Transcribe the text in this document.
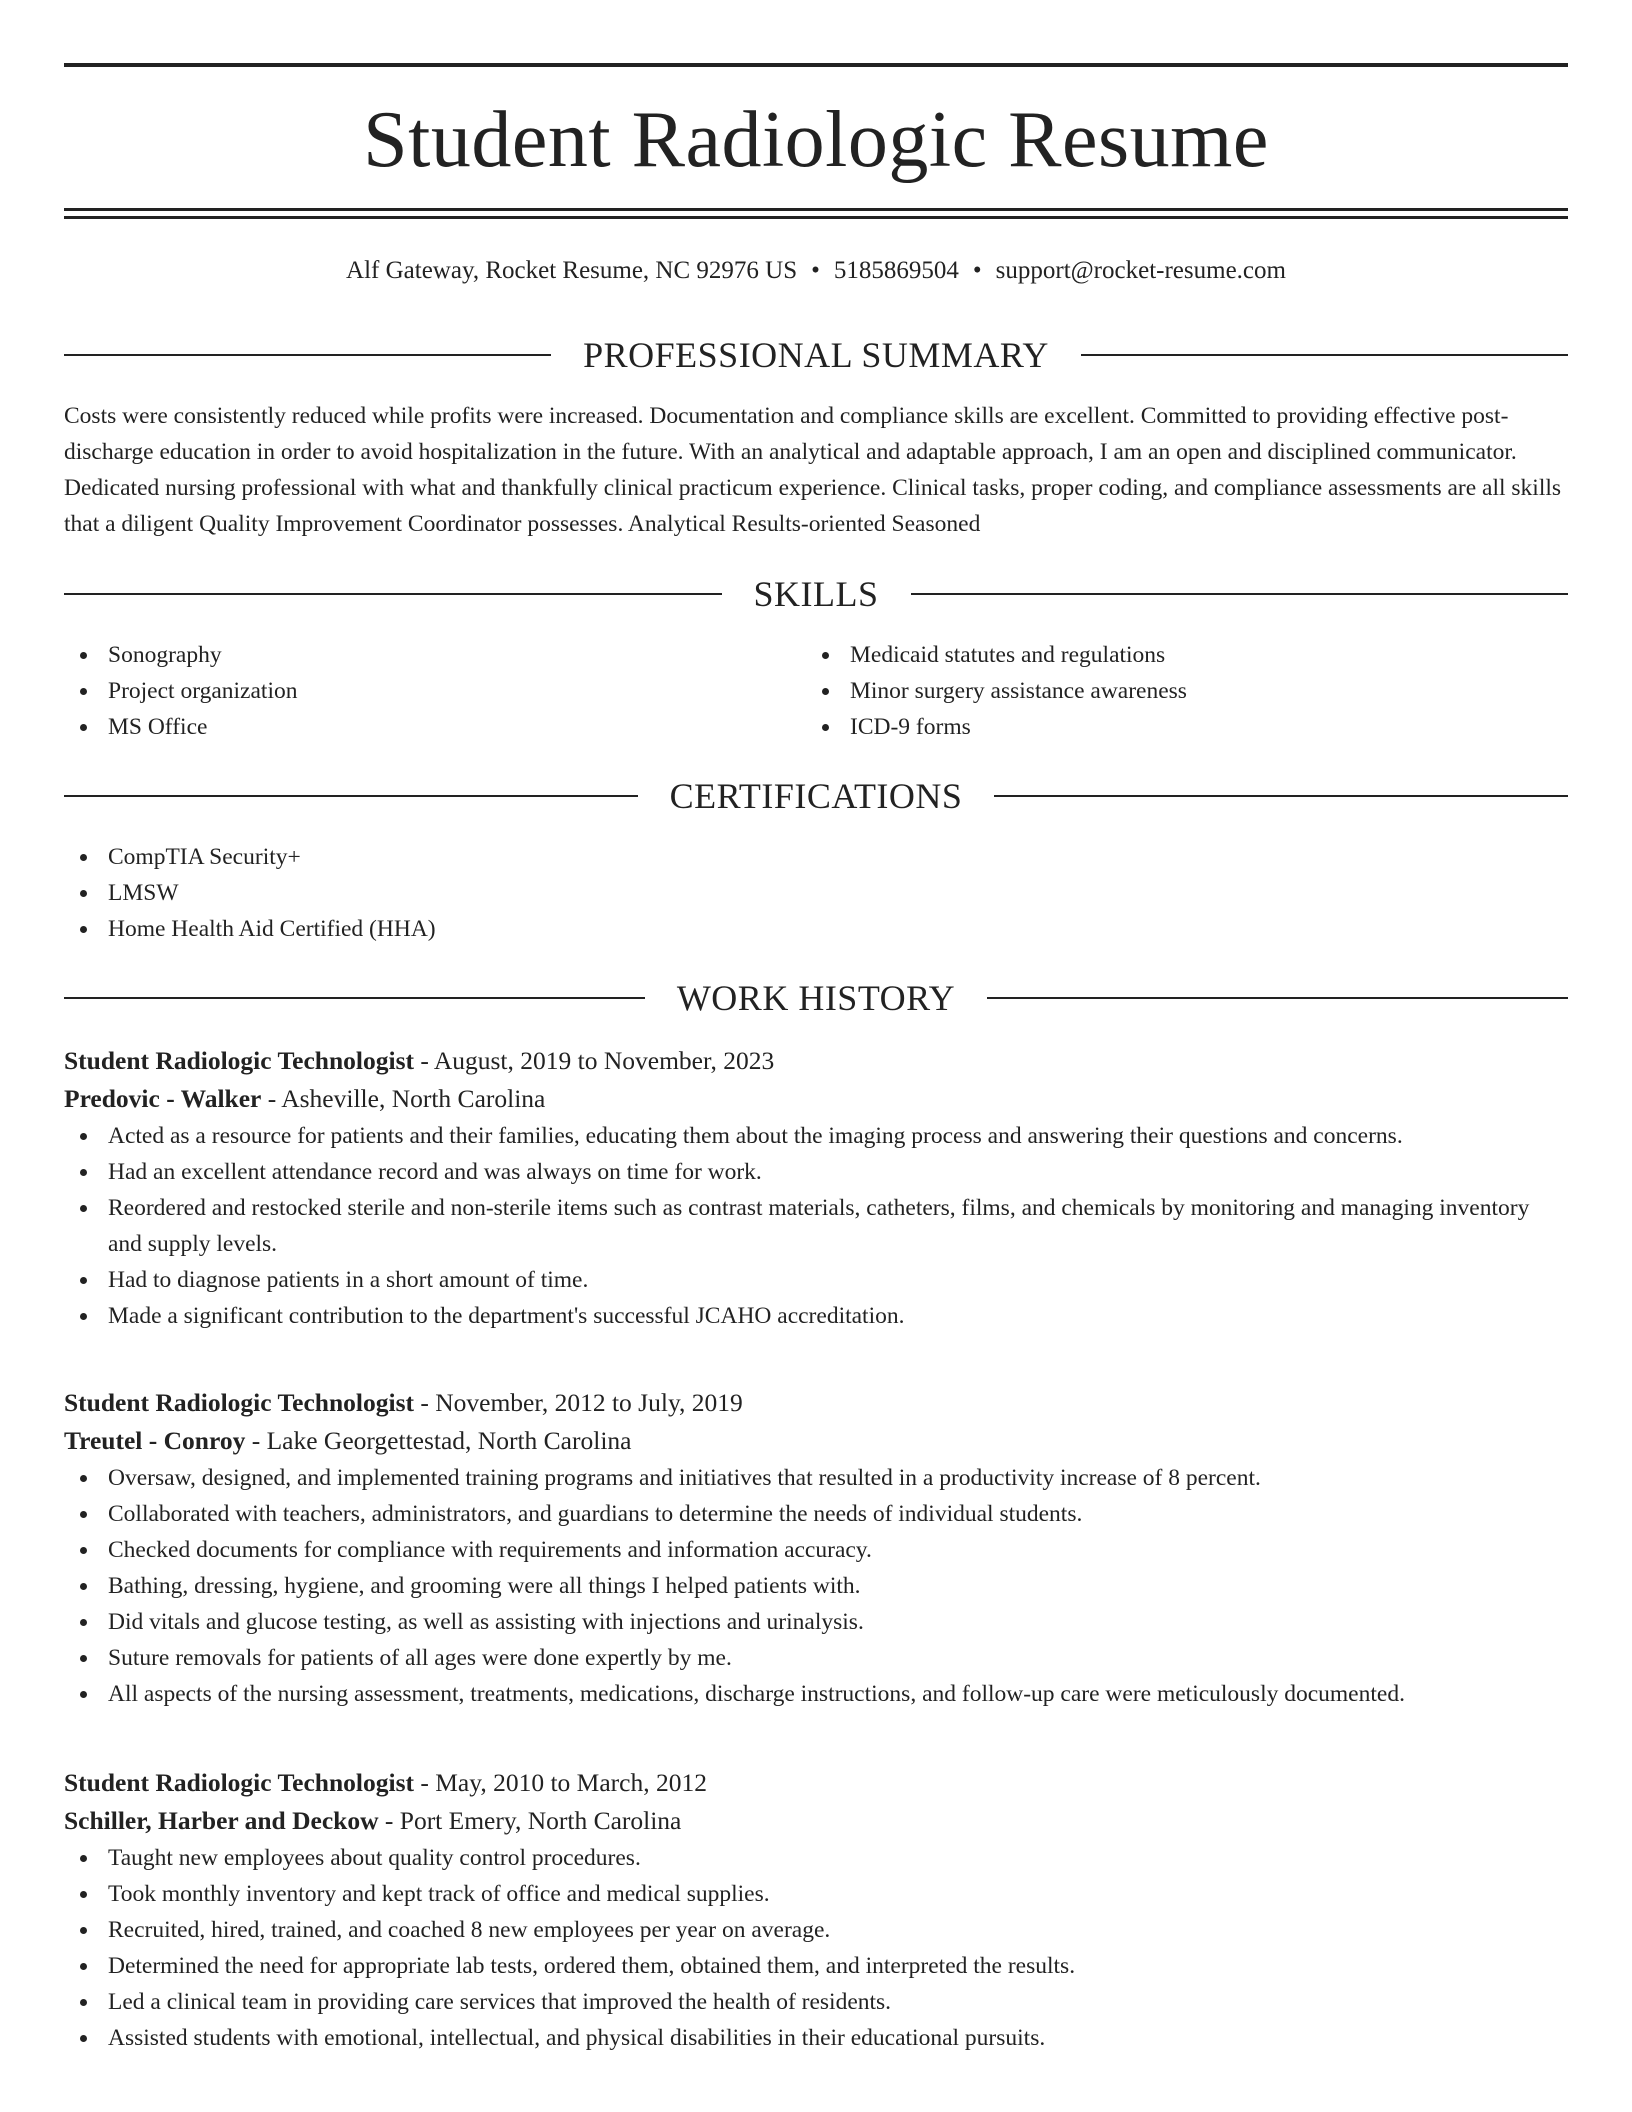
Student Radiologic Resume
Alf Gateway, Rocket Resume, NC 92976 US • 5185869504 • support@rocket-resume.com
PROFESSIONAL SUMMARY

Costs were consistently reduced while profits were increased. Documentation and compliance skills are excellent. Committed to providing effective post-discharge education in order to avoid hospitalization in the future. With an analytical and adaptable approach, I am an open and disciplined communicator. Dedicated nursing professional with what and thankfully clinical practicum experience. Clinical tasks, proper coding, and compliance assessments are all skills that a diligent Quality Improvement Coordinator possesses. Analytical Results-oriented Seasoned

SKILLS
Sonography
Project organization
MS Office
Medicaid statutes and regulations
Minor surgery assistance awareness
ICD-9 forms
CERTIFICATIONS
CompTIA Security+
LMSW
Home Health Aid Certified (HHA)
WORK HISTORY
Student Radiologic Technologist - August, 2019 to November, 2023
Predovic - Walker - Asheville, North Carolina
Acted as a resource for patients and their families, educating them about the imaging process and answering their questions and concerns.
Had an excellent attendance record and was always on time for work.
Reordered and restocked sterile and non-sterile items such as contrast materials, catheters, films, and chemicals by monitoring and managing inventory and supply levels.
Had to diagnose patients in a short amount of time.
Made a significant contribution to the department's successful JCAHO accreditation.
Student Radiologic Technologist - November, 2012 to July, 2019
Treutel - Conroy - Lake Georgettestad, North Carolina
Oversaw, designed, and implemented training programs and initiatives that resulted in a productivity increase of 8 percent.
Collaborated with teachers, administrators, and guardians to determine the needs of individual students.
Checked documents for compliance with requirements and information accuracy.
Bathing, dressing, hygiene, and grooming were all things I helped patients with.
Did vitals and glucose testing, as well as assisting with injections and urinalysis.
Suture removals for patients of all ages were done expertly by me.
All aspects of the nursing assessment, treatments, medications, discharge instructions, and follow-up care were meticulously documented.
Student Radiologic Technologist - May, 2010 to March, 2012
Schiller, Harber and Deckow - Port Emery, North Carolina
Taught new employees about quality control procedures.
Took monthly inventory and kept track of office and medical supplies.
Recruited, hired, trained, and coached 8 new employees per year on average.
Determined the need for appropriate lab tests, ordered them, obtained them, and interpreted the results.
Led a clinical team in providing care services that improved the health of residents.
Assisted students with emotional, intellectual, and physical disabilities in their educational pursuits.
